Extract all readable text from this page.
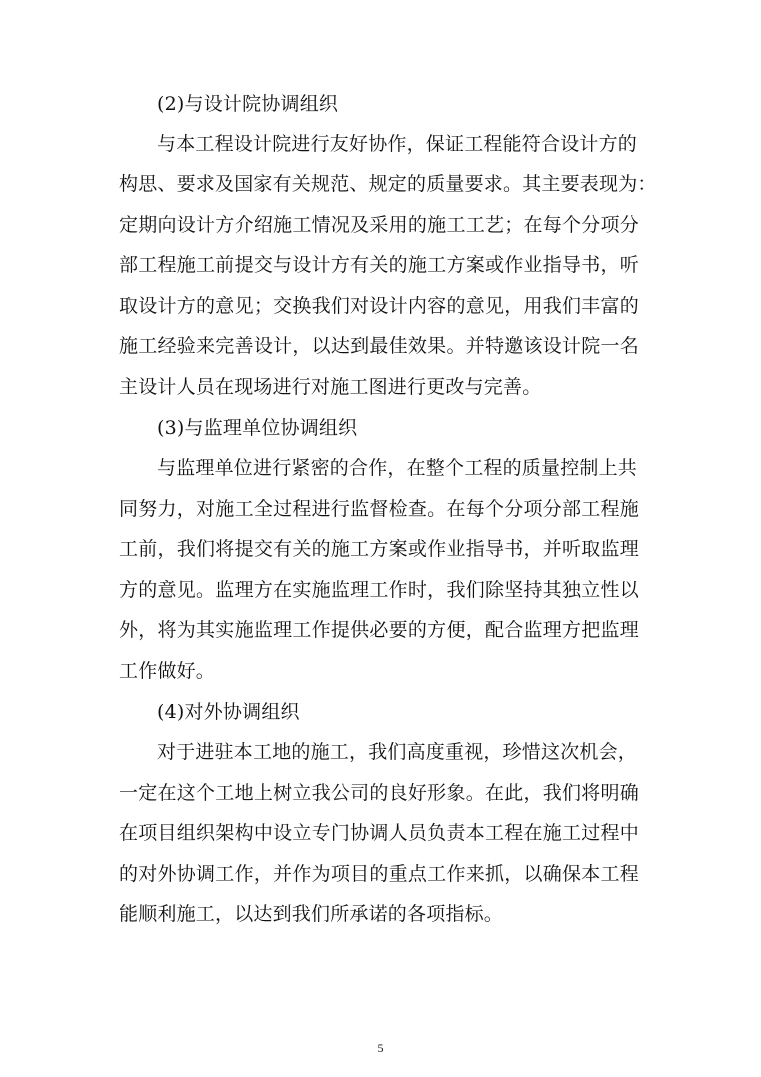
(2)与设计院协调组织
与本工程设计院进行友好协作，保证工程能符合设计方的
构思、要求及国家有关规范、规定的质量要求。其主要表现为：
定期向设计方介绍施工情况及采用的施工工艺；在每个分项分
部工程施工前提交与设计方有关的施工方案或作业指导书，听
取设计方的意见；交换我们对设计内容的意见，用我们丰富的
施工经验来完善设计，以达到最佳效果。并特邀该设计院一名
主设计人员在现场进行对施工图进行更改与完善。
(3)与监理单位协调组织
与监理单位进行紧密的合作，在整个工程的质量控制上共
同努力，对施工全过程进行监督检查。在每个分项分部工程施
工前，我们将提交有关的施工方案或作业指导书，并听取监理
方的意见。监理方在实施监理工作时，我们除坚持其独立性以
外，将为其实施监理工作提供必要的方便，配合监理方把监理
工作做好。
(4)对外协调组织
对于进驻本工地的施工，我们高度重视，珍惜这次机会，
一定在这个工地上树立我公司的良好形象。在此，我们将明确
在项目组织架构中设立专门协调人员负责本工程在施工过程中
的对外协调工作，并作为项目的重点工作来抓，以确保本工程
能顺利施工，以达到我们所承诺的各项指标。
5
